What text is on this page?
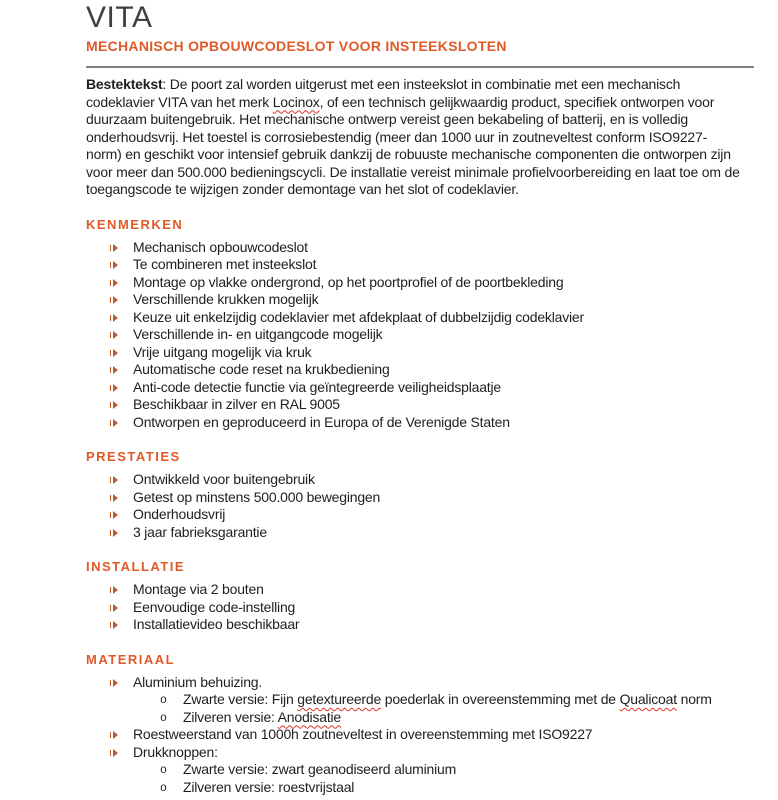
VITA
MECHANISCH OPBOUWCODESLOT VOOR INSTEEKSLOTEN

Bestektekst: De poort zal worden uitgerust met een insteekslot in combinatie met een mechanisch codeklavier VITA van het merk Locinox, of een technisch gelijkwaardig product, specifiek ontworpen voor duurzaam buitengebruik. Het mechanische ontwerp vereist geen bekabeling of batterij, en is volledig onderhoudsvrij. Het toestel is corrosiebestendig (meer dan 1000 uur in zoutneveltest conform ISO9227-norm) en geschikt voor intensief gebruik dankzij de robuuste mechanische componenten die ontworpen zijn voor meer dan 500.000 bedieningscycli. De installatie vereist minimale profielvoorbereiding en laat toe om de toegangscode te wijzigen zonder demontage van het slot of codeklavier.

KENMERKEN
Mechanisch opbouwcodeslot
Te combineren met insteekslot
Montage op vlakke ondergrond, op het poortprofiel of de poortbekleding
Verschillende krukken mogelijk
Keuze uit enkelzijdig codeklavier met afdekplaat of dubbelzijdig codeklavier
Verschillende in- en uitgangcode mogelijk
Vrije uitgang mogelijk via kruk
Automatische code reset na krukbediening
Anti-code detectie functie via geïntegreerde veiligheidsplaatje
Beschikbaar in zilver en RAL 9005
Ontworpen en geproduceerd in Europa of de Verenigde Staten
PRESTATIES
Ontwikkeld voor buitengebruik
Getest op minstens 500.000 bewegingen
Onderhoudsvrij
3 jaar fabrieksgarantie
INSTALLATIE
Montage via 2 bouten
Eenvoudige code-instelling
Installatievideo beschikbaar
MATERIAAL
Aluminium behuizing.
o Zwarte versie: Fijn getextureerde poederlak in overeenstemming met de Qualicoat norm
o Zilveren versie: Anodisatie
Roestweerstand van 1000h zoutneveltest in overeenstemming met ISO9227
Drukknoppen:
o Zwarte versie: zwart geanodiseerd aluminium
o Zilveren versie: roestvrijstaal
